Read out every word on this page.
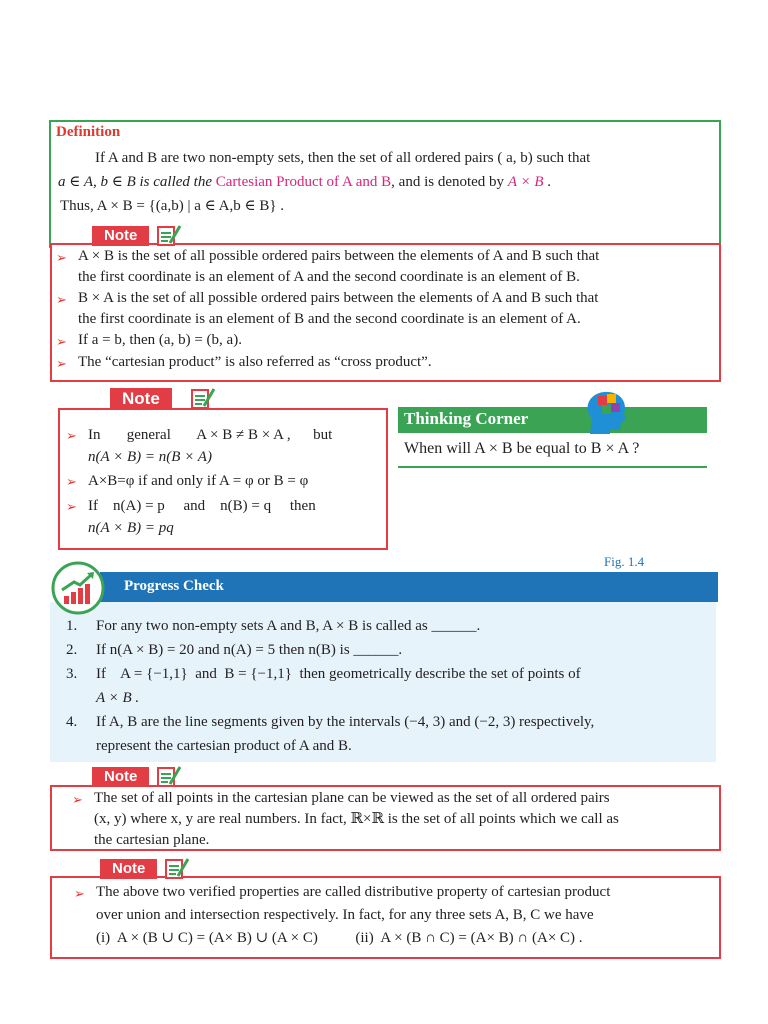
Definition
If A and B are two non-empty sets, then the set of all ordered pairs ( a, b) such that
a ∈ A, b ∈ B is called the Cartesian Product of A and B, and is denoted by A × B .
Thus, A × B = {(a,b) | a ∈ A,b ∈ B} .
Note
➢ A × B is the set of all possible ordered pairs between the elements of A and B such that
the first coordinate is an element of A and the second coordinate is an element of B.
➢ B × A is the set of all possible ordered pairs between the elements of A and B such that
the first coordinate is an element of B and the second coordinate is an element of A.
➢ If a = b, then (a, b) = (b, a).
➢ The “cartesian product” is also referred as “cross product”.
Note
➢ In       general       A × B ≠ B × A ,      but
n(A × B) = n(B × A)
➢ A×B=φ if and only if A = φ or B = φ
➢ If    n(A) = p     and    n(B) = q     then
n(A × B) = pq
Thinking Corner
When will A × B be equal to B × A ?
Fig. 1.4
Progress Check
1.	For any two non-empty sets A and B, A × B is called as ______.
2.	If n(A × B) = 20 and n(A) = 5 then n(B) is ______.
3.	If    A = {−1,1}  and  B = {−1,1}  then geometrically describe the set of points of
A × B .
4.	If A, B are the line segments given by the intervals (−4, 3) and (−2, 3) respectively,
represent the cartesian product of A and B.
Note
➢ The set of all points in the cartesian plane can be viewed as the set of all ordered pairs
(x, y) where x, y are real numbers. In fact, ℝ×ℝ is the set of all points which we call as
the cartesian plane.
Note
➢ The above two verified properties are called distributive property of cartesian product
over union and intersection respectively. In fact, for any three sets A, B, C we have
(i)  A × (B ∪ C) = (A× B) ∪ (A × C)          (ii)  A × (B ∩ C) = (A× B) ∩ (A× C) .
